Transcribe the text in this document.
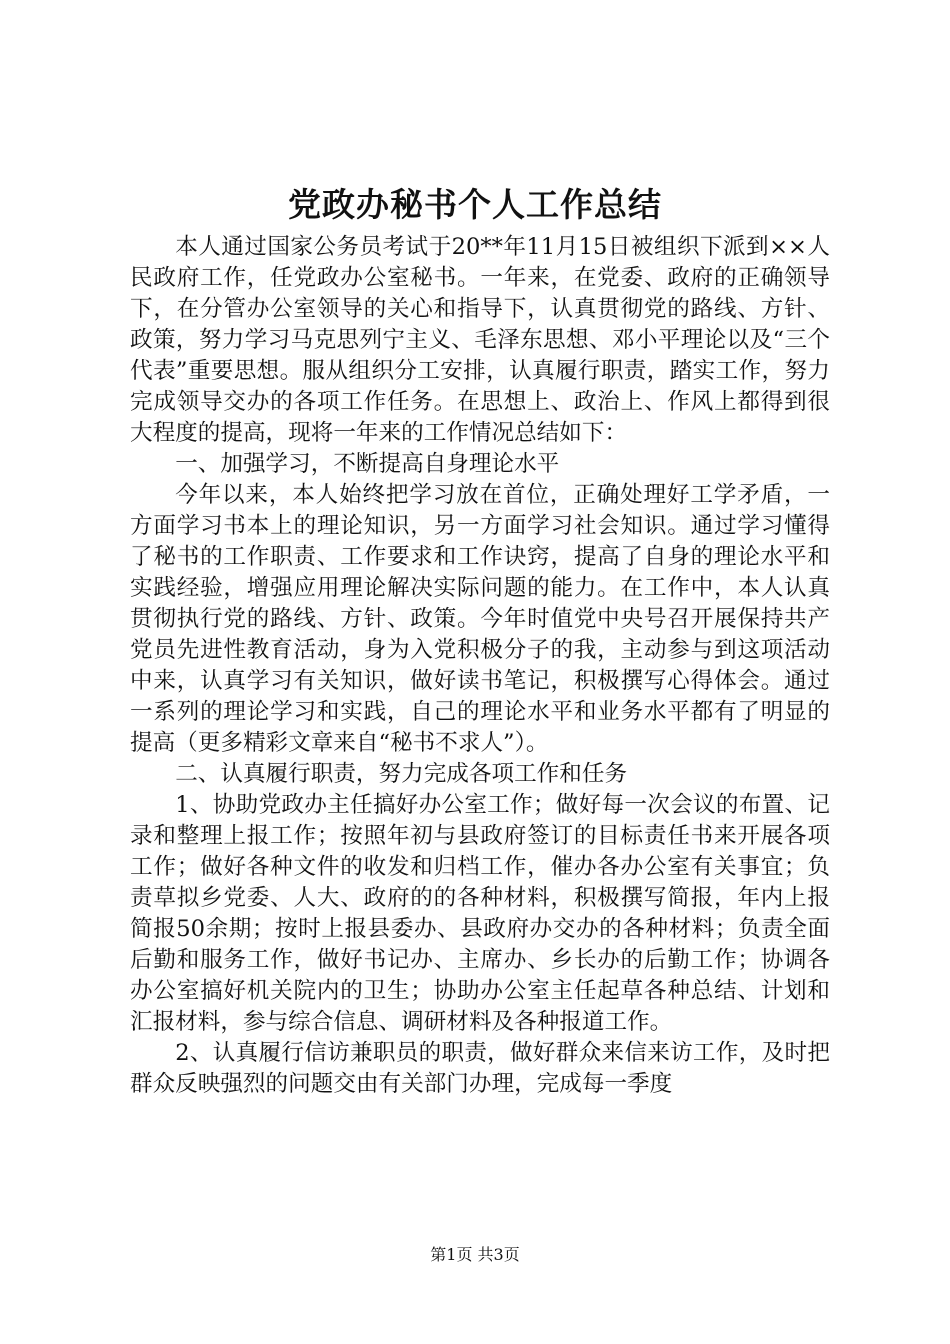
党政办秘书个人工作总结

本人通过国家公务员考试于20**年11月15日被组织下派到××人民政府工作，任党政办公室秘书。一年来，在党委、政府的正确领导下，在分管办公室领导的关心和指导下，认真贯彻党的路线、方针、政策，努力学习马克思列宁主义、毛泽东思想、邓小平理论以及“三个代表”重要思想。服从组织分工安排，认真履行职责，踏实工作，努力完成领导交办的各项工作任务。在思想上、政治上、作风上都得到很大程度的提高，现将一年来的工作情况总结如下：

一、加强学习，不断提高自身理论水平

今年以来，本人始终把学习放在首位，正确处理好工学矛盾，一方面学习书本上的理论知识，另一方面学习社会知识。通过学习懂得了秘书的工作职责、工作要求和工作诀窍，提高了自身的理论水平和实践经验，增强应用理论解决实际问题的能力。在工作中，本人认真贯彻执行党的路线、方针、政策。今年时值党中央号召开展保持共产党员先进性教育活动，身为入党积极分子的我，主动参与到这项活动中来，认真学习有关知识，做好读书笔记，积极撰写心得体会。通过一系列的理论学习和实践，自己的理论水平和业务水平都有了明显的提高（更多精彩文章来自“秘书不求人”）。

二、认真履行职责，努力完成各项工作和任务

1、协助党政办主任搞好办公室工作；做好每一次会议的布置、记录和整理上报工作；按照年初与县政府签订的目标责任书来开展各项工作；做好各种文件的收发和归档工作，催办各办公室有关事宜；负责草拟乡党委、人大、政府的的各种材料，积极撰写简报，年内上报简报50余期；按时上报县委办、县政府办交办的各种材料；负责全面后勤和服务工作，做好书记办、主席办、乡长办的后勤工作；协调各办公室搞好机关院内的卫生；协助办公室主任起草各种总结、计划和汇报材料，参与综合信息、调研材料及各种报道工作。

2、认真履行信访兼职员的职责，做好群众来信来访工作，及时把群众反映强烈的问题交由有关部门办理，完成每一季度

第1页 共3页
